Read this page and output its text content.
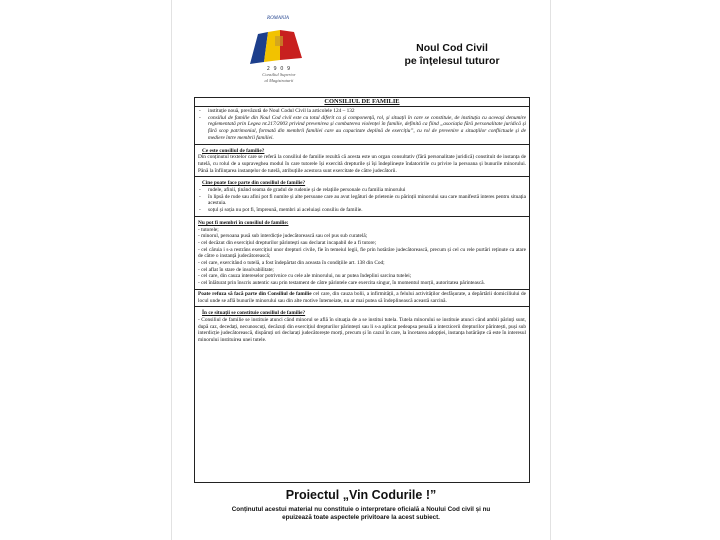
ROMANIA
2 9 0 9
Consiliul Superior
al Magistraturii
Noul Cod Civil
pe înțelesul tuturor
CONSILIUL DE FAMILIE
- instituție nouă, prevăzută de Noul Codul Civil la articolele 124 – 132
- consiliul de familie din Noul Cod civil este cu totul diferit ca și componență, rol, și situații în care se constituie, de instituția cu aceeași denumire reglementată prin Legea nr.217/2003 privind prevenirea și combaterea violenței în familie, definită ca fiind „asociația fără personalitate juridică și fără scop patrimonial, formată din membrii familiei care au capacitate deplină de exercițiu”, cu rol de prevenire a situațiilor conflictuale și de mediere între membrii familiei.
Ce este consiliul de familie?
Din conținutul textelor care se referă la consiliul de familie rezultă că acesta este un organ consultativ (fără personalitate juridică) constituit de instanța de tutelă, cu rolul de a supraveghea modul în care tutorele își exercită drepturile și își îndeplinește îndatoririle cu privire la persoana și bunurile minorului. Până la înființarea instanțelor de tutelă, atribuțiile acestora sunt exercitate de către judecătorii.
Cine poate face parte din consiliul de familie?
- rudele, afinii, ținând seama de gradul de rudenie și de relațiile personale cu familia minorului
- în lipsă de rude sau afini pot fi numite și alte persoane care au avut legături de prietenie cu părinții minorului sau care manifestă interes pentru situația acestuia.
- soțul și soția nu pot fi, împreună, membri ai aceluiași consiliu de familie.
Nu pot fi membri în consiliul de familie:
- tutorele;
- minorul, persoana pusă sub interdicție judecătorească sau cel pus sub curatelă;
- cel decăzut din exercițiul drepturilor părintești sau declarat incapabil de a fi tutore;
- cel căruia i s-a restrâns exercițiul unor drepturi civile, fie în temeiul legii, fie prin hotărâre judecătorească, precum și cel cu rele purtări reținute ca atare de către o instanță judecătorească;
- cel care, exercitând o tutelă, a fost îndepărtat din aceasta în condițiile art. 138 din Cod;
- cel aflat în stare de insolvabilitate;
- cel care, din cauza intereselor potrivnice cu cele ale minorului, nu ar putea îndeplini sarcina tutelei;
- cel înlăturat prin înscris autentic sau prin testament de către părintele care exercita singur, în momentul morții, autoritatea părintească.
Poate refuza să facă parte din Consiliul de familie cel care, din cauza bolii, a infirmității, a felului activităților desfășurate, a depărtării domiciliului de locul unde se află bunurile minorului sau din alte motive întemeiate, nu ar mai putea să îndeplinească această sarcină.
În ce situații se constituie consiliul de familie?
- Consiliul de familie se instituie atunci când minorul se află în situația de a se institui tutela. Tutela minorului se instituie atunci când ambii părinți sunt, după caz, decedați, necunoscuți, decăzuți din exercițiul drepturilor părintești sau li s-a aplicat pedeapsa penală a interzicerii drepturilor părintești, puși sub interdicție judecătorească, dispăruți ori declarați judecătorește morți, precum și în cazul în care, la încetarea adopției, instanța hotărăște că este în interesul minorului instituirea unei tutele.
Proiectul „Vin Codurile !”
Conținutul acestui material nu constituie o interpretare oficială a Noului Cod civil și nu epuizează toate aspectele privitoare la acest subiect.
